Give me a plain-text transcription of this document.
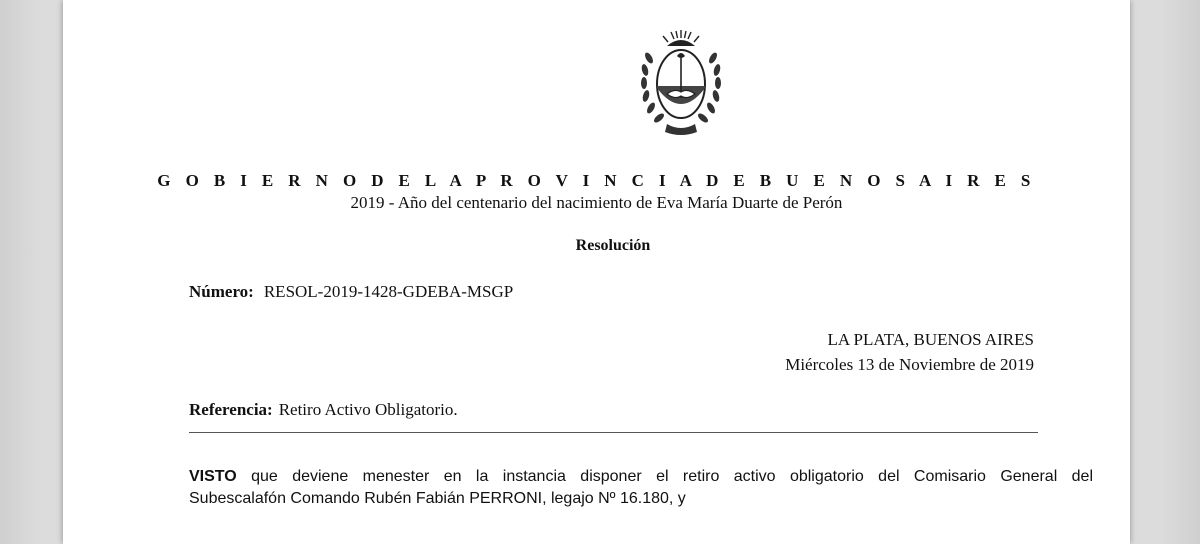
G O B I E R N O D E L A P R O V I N C I A D E B U E N O S A I R E S
2019 - Año del centenario del nacimiento de Eva María Duarte de Perón
Resolución
Número: RESOL-2019-1428-GDEBA-MSGP
LA PLATA, BUENOS AIRES
Miércoles 13 de Noviembre de 2019
Referencia: Retiro Activo Obligatorio.
VISTO que deviene menester en la instancia disponer el retiro activo obligatorio del Comisario General del
Subescalafón Comando Rubén Fabián PERRONI, legajo Nº 16.180, y
